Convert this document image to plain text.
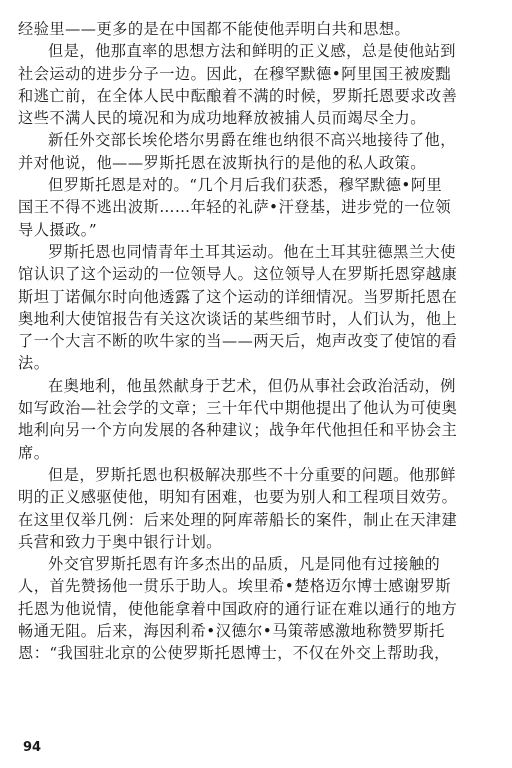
经验里——更多的是在中国都不能使他弄明白共和思想。
但是，他那直率的思想方法和鲜明的正义感，总是使他站到
社会运动的进步分子一边。因此，在穆罕默德•阿里国王被废黜
和逃亡前，在全体人民中酝酿着不满的时候，罗斯托恩要求改善
这些不满人民的境况和为成功地释放被捕人员而竭尽全力。
新任外交部长埃伦塔尔男爵在维也纳很不高兴地接待了他，
并对他说，他——罗斯托恩在波斯执行的是他的私人政策。
但罗斯托恩是对的。“几个月后我们获悉，穆罕默德•阿里
国王不得不逃出波斯……年轻的礼萨•汗登基，进步党的一位领
导人摄政。”
罗斯托恩也同情青年土耳其运动。他在土耳其驻德黑兰大使
馆认识了这个运动的一位领导人。这位领导人在罗斯托恩穿越康
斯坦丁诺佩尔时向他透露了这个运动的详细情况。当罗斯托恩在
奥地利大使馆报告有关这次谈话的某些细节时，人们认为，他上
了一个大言不断的吹牛家的当——两天后，炮声改变了使馆的看
法。
在奥地利，他虽然献身于艺术，但仍从事社会政治活动，例
如写政治—社会学的文章；三十年代中期他提出了他认为可使奥
地利向另一个方向发展的各种建议；战争年代他担任和平协会主
席。
但是，罗斯托恩也积极解决那些不十分重要的问题。他那鲜
明的正义感驱使他，明知有困难，也要为别人和工程项目效劳。
在这里仅举几例：后来处理的阿库蒂船长的案件，制止在天津建
兵营和致力于奥中银行计划。
外交官罗斯托恩有许多杰出的品质，凡是同他有过接触的
人，首先赞扬他一贯乐于助人。埃里希•楚格迈尔博士感谢罗斯
托恩为他说情，使他能拿着中国政府的通行证在难以通行的地方
畅通无阻。后来，海因利希•汉德尔•马策蒂感激地称赞罗斯托
恩：“我国驻北京的公使罗斯托恩博士，不仅在外交上帮助我，
94
